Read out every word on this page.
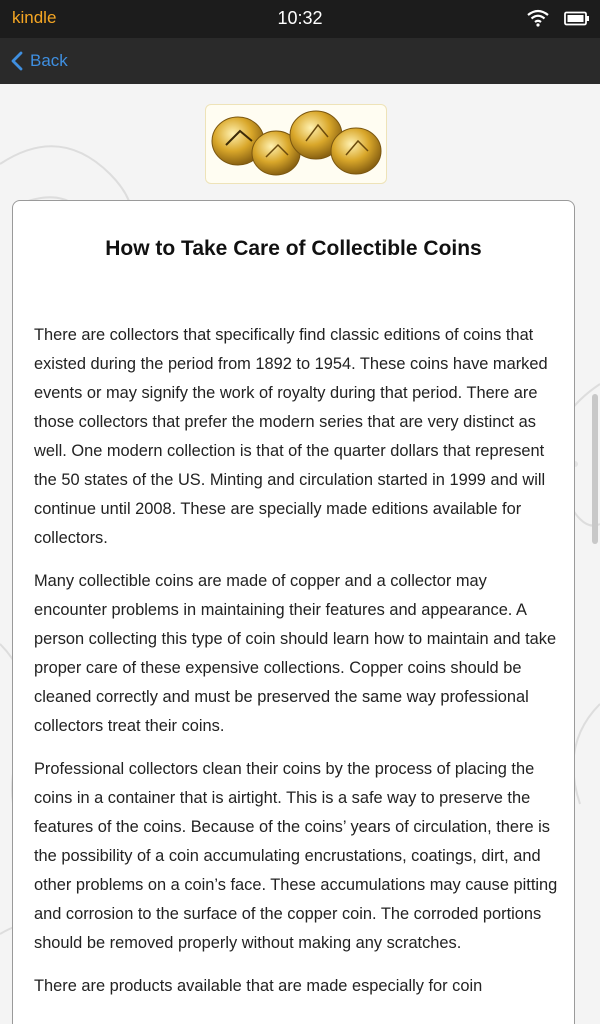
kindle	10:32
Back
How to Take Care of Collectible Coins

There are collectors that specifically find classic editions of coins that existed during the period from 1892 to 1954. These coins have marked events or may signify the work of royalty during that period. There are those collectors that prefer the modern series that are very distinct as well. One modern collection is that of the quarter dollars that represent the 50 states of the US. Minting and circulation started in 1999 and will continue until 2008. These are specially made editions available for collectors.

Many collectible coins are made of copper and a collector may encounter problems in maintaining their features and appearance. A person collecting this type of coin should learn how to maintain and take proper care of these expensive collections. Copper coins should be cleaned correctly and must be preserved the same way professional collectors treat their coins.

Professional collectors clean their coins by the process of placing the coins in a container that is airtight. This is a safe way to preserve the features of the coins. Because of the coins’ years of circulation, there is the possibility of a coin accumulating encrustations, coatings, dirt, and other problems on a coin’s face. These accumulations may cause pitting and corrosion to the surface of the copper coin. The corroded portions should be removed properly without making any scratches.

There are products available that are made especially for coin
